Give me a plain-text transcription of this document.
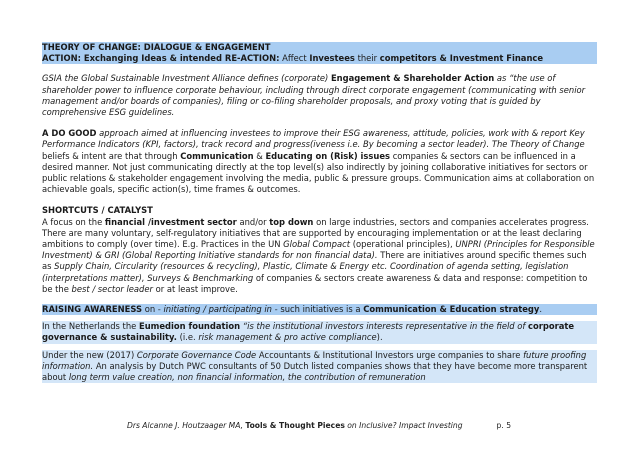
THEORY OF CHANGE: DIALOGUE & ENGAGEMENT

ACTION: Exchanging Ideas & intended RE-ACTION: Affect Investees their competitors & Investment Finance

GSIA the Global Sustainable Investment Alliance defines (corporate) Engagement & Shareholder Action as “the use of shareholder power to influence corporate behaviour, including through direct corporate engagement (communicating with senior management and/or boards of companies), filing or co-filing shareholder proposals, and proxy voting that is guided by comprehensive ESG guidelines.

A DO GOOD approach aimed at influencing investees to improve their ESG awareness, attitude, policies, work with & report Key Performance Indicators (KPI, factors), track record and progress(iveness i.e. By becoming a sector leader). The Theory of Change beliefs & intent are that through Communication & Educating on (Risk) issues companies & sectors can be influenced in a desired manner. Not just communicating directly at the top level(s) also indirectly by joining collaborative initiatives for sectors or public relations & stakeholder engagement involving the media, public & pressure groups. Communication aims at collaboration on achievable goals, specific action(s), time frames & outcomes.

SHORTCUTS / CATALYST

A focus on the financial /investment sector and/or top down on large industries, sectors and companies accelerates progress. There are many voluntary, self-regulatory initiatives that are supported by encouraging implementation or at the least declaring ambitions to comply (over time). E.g. Practices in the UN Global Compact (operational principles), UNPRI (Principles for Responsible Investment) & GRI (Global Reporting Initiative standards for non financial data). There are initiatives around specific themes such as Supply Chain, Circularity (resources & recycling), Plastic, Climate & Energy etc. Coordination of agenda setting, legislation (interpretations matter), Surveys & Benchmarking of companies & sectors create awareness & data and response: competition to be the best / sector leader or at least improve.

RAISING AWARENESS on - initiating / participating in - such initiatives is a Communication & Education strategy.

In the Netherlands the Eumedion foundation “is the institutional investors interests representative in the field of corporate governance & sustainability. (i.e. risk management & pro active compliance).

Under the new (2017) Corporate Governance Code Accountants & Institutional Investors urge companies to share future proofing information. An analysis by Dutch PWC consultants of 50 Dutch listed companies shows that they have become more transparent about long term value creation, non financial information, the contribution of remuneration

Drs Alcanne J. Houtzaager MA, Tools & Thought Pieces on Inclusive? Impact Investing	p. 5
